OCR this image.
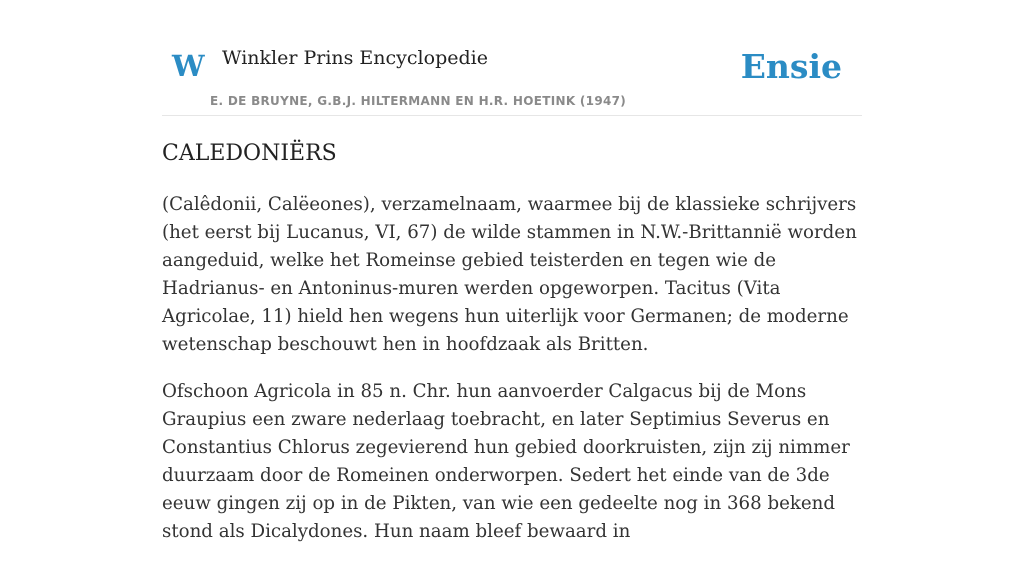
W Winkler Prins Encyclopedie
E. DE BRUYNE, G.B.J. HILTERMANN EN H.R. HOETINK (1947)
Ensie
CALEDONIËRS

(Calêdonii, Calëeones), verzamelnaam, waarmee bij de klassieke schrijvers (het eerst bij Lucanus, VI, 67) de wilde stammen in N.W.-Brittannië worden aangeduid, welke het Romeinse gebied teisterden en tegen wie de Hadrianus- en Antoninus-muren werden opgeworpen. Tacitus (Vita Agricolae, 11) hield hen wegens hun uiterlijk voor Germanen; de moderne wetenschap beschouwt hen in hoofdzaak als Britten.

Ofschoon Agricola in 85 n. Chr. hun aanvoerder Calgacus bij de Mons Graupius een zware nederlaag toebracht, en later Septimius Severus en Constantius Chlorus zegevierend hun gebied doorkruisten, zijn zij nimmer duurzaam door de Romeinen onderworpen. Sedert het einde van de 3de eeuw gingen zij op in de Pikten, van wie een gedeelte nog in 368 bekend stond als Dicalydones. Hun naam bleef bewaard in
